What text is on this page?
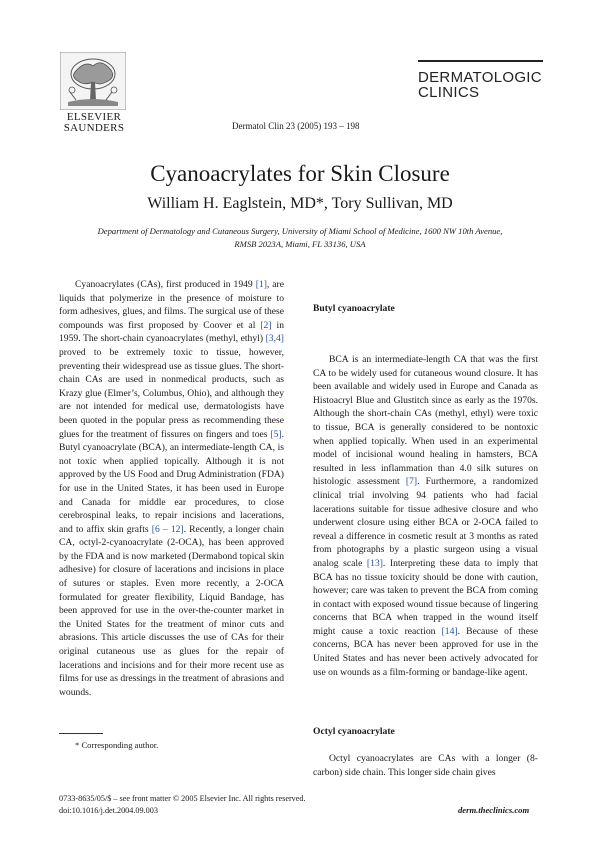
ELSEVIER
SAUNDERS	Dermatol Clin 23 (2005) 193 – 198
DERMATOLOGIC
CLINICS
Cyanoacrylates for Skin Closure
William H. Eaglstein, MD*, Tory Sullivan, MD
Department of Dermatology and Cutaneous Surgery, University of Miami School of Medicine, 1600 NW 10th Avenue,
RMSB 2023A, Miami, FL 33136, USA

Cyanoacrylates (CAs), first produced in 1949 [1], are liquids that polymerize in the presence of moisture to form adhesives, glues, and films. The surgical use of these compounds was first proposed by Coover et al [2] in 1959. The short-chain cyanoacrylates (methyl, ethyl) [3,4] proved to be extremely toxic to tissue, however, preventing their widespread use as tissue glues. The short-chain CAs are used in nonmedical products, such as Krazy glue (Elmer’s, Columbus, Ohio), and although they are not intended for medical use, dermatologists have been quoted in the popular press as recommending these glues for the treatment of fissures on fingers and toes [5]. Butyl cyanoacrylate (BCA), an intermediate-length CA, is not toxic when applied topically. Although it is not approved by the US Food and Drug Administration (FDA) for use in the United States, it has been used in Europe and Canada for middle ear procedures, to close cerebrospinal leaks, to repair incisions and lacerations, and to affix skin grafts [6 – 12]. Recently, a longer chain CA, octyl-2-cyanoacrylate (2-OCA), has been approved by the FDA and is now marketed (Dermabond topical skin adhesive) for closure of lacerations and incisions in place of sutures or staples. Even more recently, a 2-OCA formulated for greater flexibility, Liquid Bandage, has been approved for use in the over-the-counter market in the United States for the treatment of minor cuts and abrasions. This article discusses the use of CAs for their original cutaneous use as glues for the repair of lacerations and incisions and for their more recent use as films for use as dressings in the treatment of abrasions and wounds.

Butyl cyanoacrylate

BCA is an intermediate-length CA that was the first CA to be widely used for cutaneous wound closure. It has been available and widely used in Europe and Canada as Histoacryl Blue and Glustitch since as early as the 1970s. Although the short-chain CAs (methyl, ethyl) were toxic to tissue, BCA is generally considered to be nontoxic when applied topically. When used in an experimental model of incisional wound healing in hamsters, BCA resulted in less inflammation than 4.0 silk sutures on histologic assessment [7]. Furthermore, a randomized clinical trial involving 94 patients who had facial lacerations suitable for tissue adhesive closure and who underwent closure using either BCA or 2-OCA failed to reveal a difference in cosmetic result at 3 months as rated from photographs by a plastic surgeon using a visual analog scale [13]. Interpreting these data to imply that BCA has no tissue toxicity should be done with caution, however; care was taken to prevent the BCA from coming in contact with exposed wound tissue because of lingering concerns that BCA when trapped in the wound itself might cause a toxic reaction [14]. Because of these concerns, BCA has never been approved for use in the United States and has never been actively advocated for use on wounds as a film-forming or bandage-like agent.

Octyl cyanoacrylate

Octyl cyanoacrylates are CAs with a longer (8-carbon) side chain. This longer side chain gives

* Corresponding author.
0733-8635/05/$ – see front matter © 2005 Elsevier Inc. All rights reserved.
doi:10.1016/j.det.2004.09.003	derm.theclinics.com
